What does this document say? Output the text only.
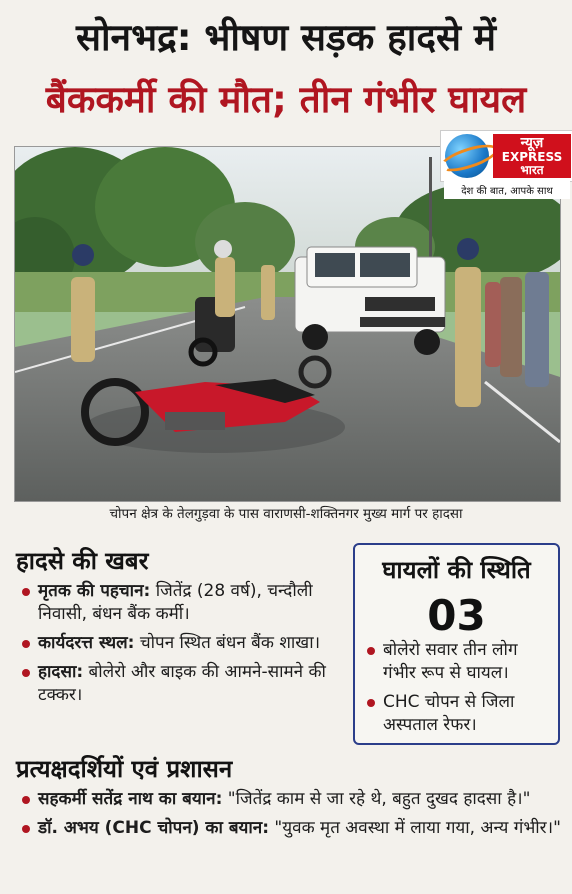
सोनभद्र: भीषण सड़क हादसे में
बैंककर्मी की मौत; तीन गंभीर घायल
न्यूज़
EXPRESS
भारत
देश की बात, आपके साथ
चोपन क्षेत्र के तेलगुड़वा के पास वाराणसी-शक्तिनगर मुख्य मार्ग पर हादसा
हादसे की खबर
मृतक की पहचान: जितेंद्र (28 वर्ष), चन्दौली निवासी, बंधन बैंक कर्मी।
कार्यदरत्त स्थल: चोपन स्थित बंधन बैंक शाखा।
हादसा: बोलेरो और बाइक की आमने-सामने की टक्कर।
घायलों की स्थिति
03
बोलेरो सवार तीन लोग गंभीर रूप से घायल।
CHC चोपन से जिला अस्पताल रेफर।
प्रत्यक्षदर्शियों एवं प्रशासन
सहकर्मी सतेंद्र नाथ का बयान: "जितेंद्र काम से जा रहे थे, बहुत दुखद हादसा है।"
डॉ. अभय (CHC चोपन) का बयान: "युवक मृत अवस्था में लाया गया, अन्य गंभीर।"
